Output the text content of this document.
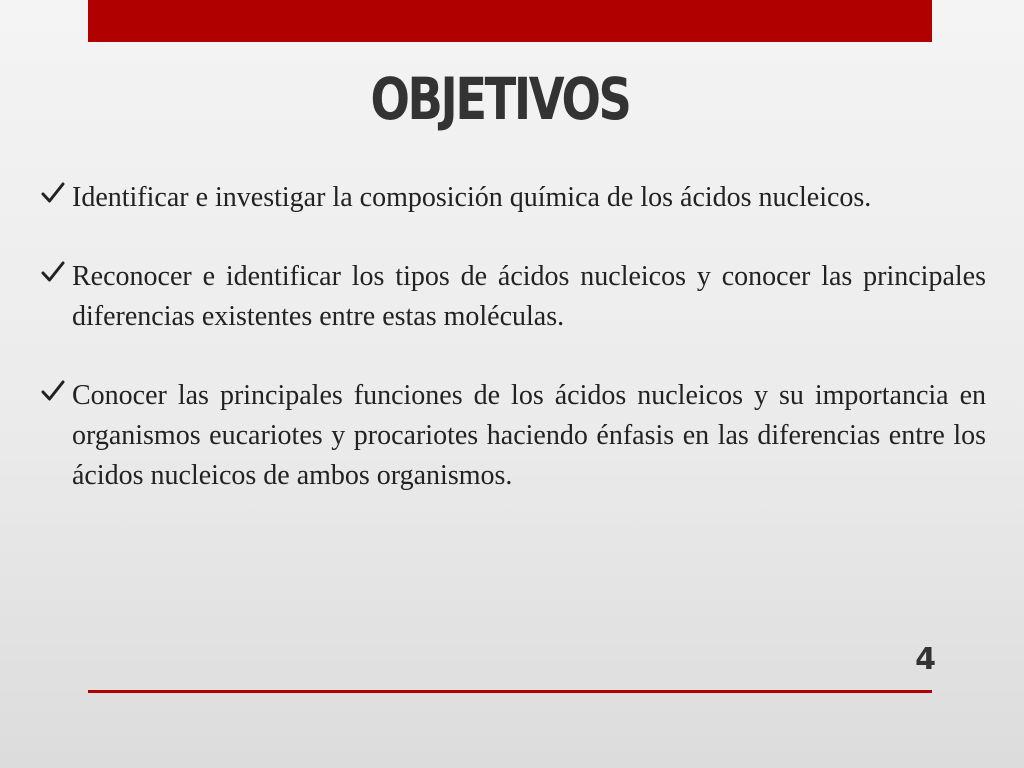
OBJETIVOS
Identificar e investigar la composición química de los ácidos nucleicos.
Reconocer e identificar los tipos de ácidos nucleicos y conocer las principales diferencias existentes entre estas moléculas.
Conocer las principales funciones de los ácidos nucleicos y su importancia en organismos eucariotes y procariotes haciendo énfasis en las diferencias entre los ácidos nucleicos de ambos organismos.
4
